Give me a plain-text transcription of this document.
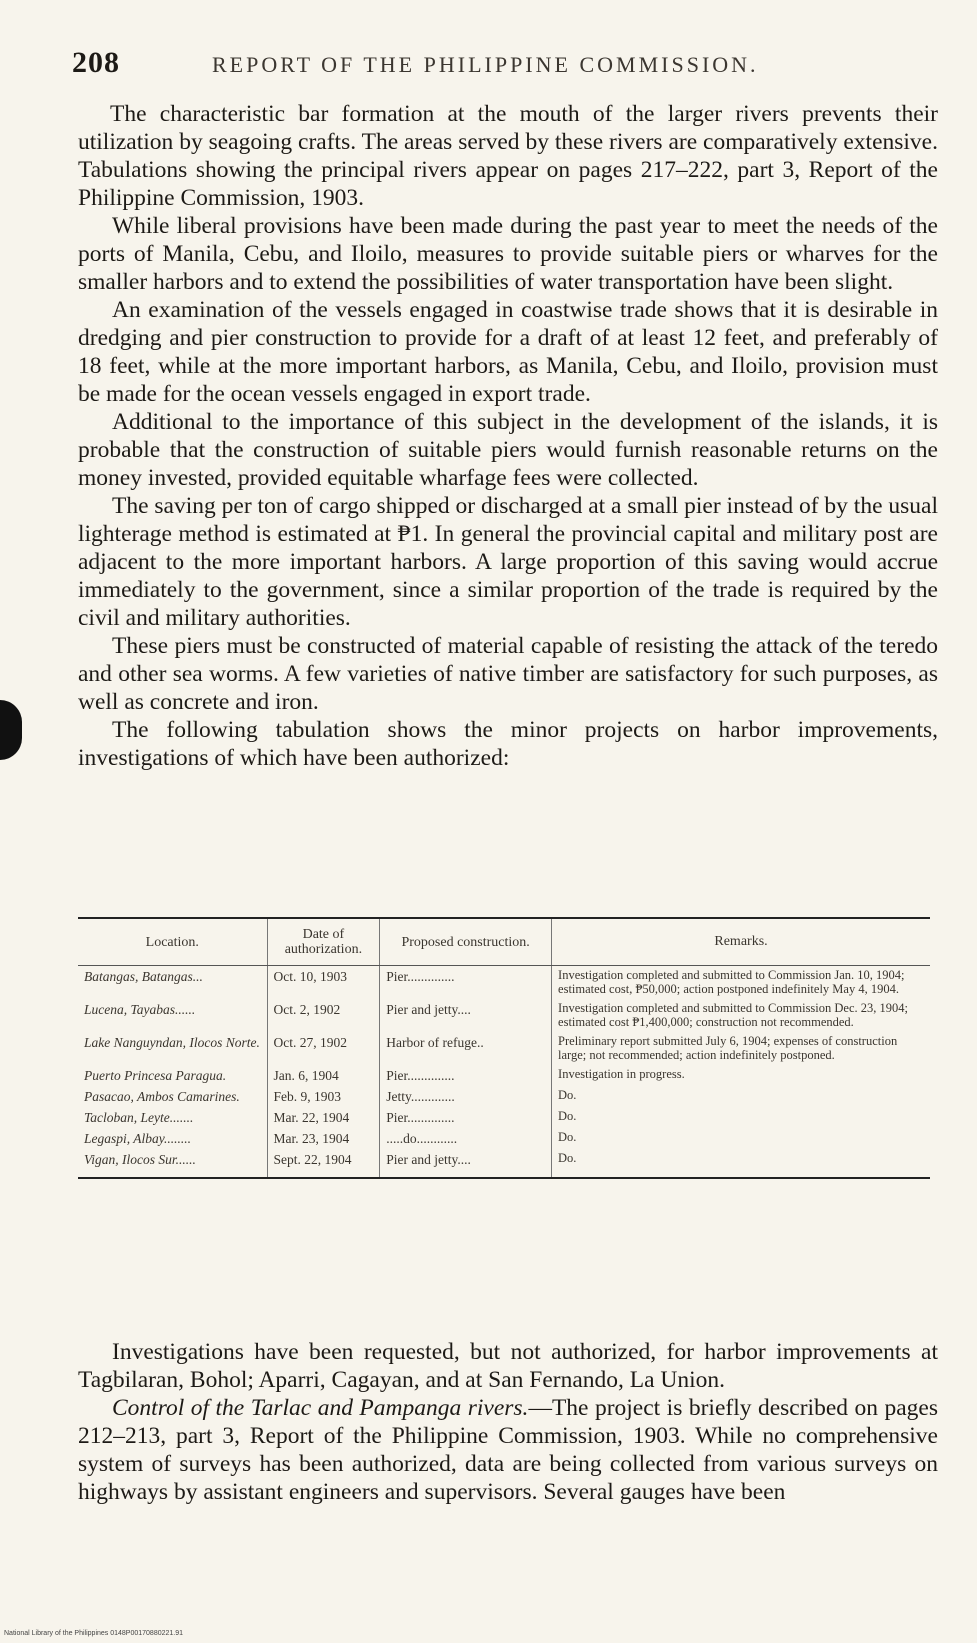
208	REPORT OF THE PHILIPPINE COMMISSION.

The characteristic bar formation at the mouth of the larger rivers prevents their utilization by seagoing crafts. The areas served by these rivers are comparatively extensive. Tabulations showing the principal rivers appear on pages 217–222, part 3, Report of the Philippine Commission, 1903.

While liberal provisions have been made during the past year to meet the needs of the ports of Manila, Cebu, and Iloilo, measures to provide suitable piers or wharves for the smaller harbors and to extend the possibilities of water transportation have been slight.

An examination of the vessels engaged in coastwise trade shows that it is desirable in dredging and pier construction to provide for a draft of at least 12 feet, and preferably of 18 feet, while at the more important harbors, as Manila, Cebu, and Iloilo, provision must be made for the ocean vessels engaged in export trade.

Additional to the importance of this subject in the development of the islands, it is probable that the construction of suitable piers would furnish reasonable returns on the money invested, provided equitable wharfage fees were collected.

The saving per ton of cargo shipped or discharged at a small pier instead of by the usual lighterage method is estimated at ₱1. In general the provincial capital and military post are adjacent to the more important harbors. A large proportion of this saving would accrue immediately to the government, since a similar proportion of the trade is required by the civil and military authorities.

These piers must be constructed of material capable of resisting the attack of the teredo and other sea worms. A few varieties of native timber are satisfactory for such purposes, as well as concrete and iron.

The following tabulation shows the minor projects on harbor improvements, investigations of which have been authorized:

Location.	Date of authorization.	Proposed construction.	Remarks.
Batangas, Batangas...	Oct. 10, 1903	Pier..............	Investigation completed and submitted to Commission Jan. 10, 1904; estimated cost, ₱50,000; action postponed indefinitely May 4, 1904.
Lucena, Tayabas......	Oct. 2, 1902	Pier and jetty....	Investigation completed and submitted to Commission Dec. 23, 1904; estimated cost ₱1,400,000; construction not recommended.
Lake Nanguyndan, Ilocos Norte.	Oct. 27, 1902	Harbor of refuge..	Preliminary report submitted July 6, 1904; expenses of construction large; not recommended; action indefinitely postponed.
Puerto Princesa Paragua.	Jan. 6, 1904	Pier..............	Investigation in progress.
Pasacao, Ambos Camarines.	Feb. 9, 1903	Jetty.............	Do.
Tacloban, Leyte.......	Mar. 22, 1904	Pier..............	Do.
Legaspi, Albay........	Mar. 23, 1904	.....do............	Do.
Vigan, Ilocos Sur......	Sept. 22, 1904	Pier and jetty....	Do.

Investigations have been requested, but not authorized, for harbor improvements at Tagbilaran, Bohol; Aparri, Cagayan, and at San Fernando, La Union.

Control of the Tarlac and Pampanga rivers.—The project is briefly described on pages 212–213, part 3, Report of the Philippine Commission, 1903. While no comprehensive system of surveys has been authorized, data are being collected from various surveys on highways by assistant engineers and supervisors. Several gauges have been

National Library of the Philippines 0148P00170880221.91
